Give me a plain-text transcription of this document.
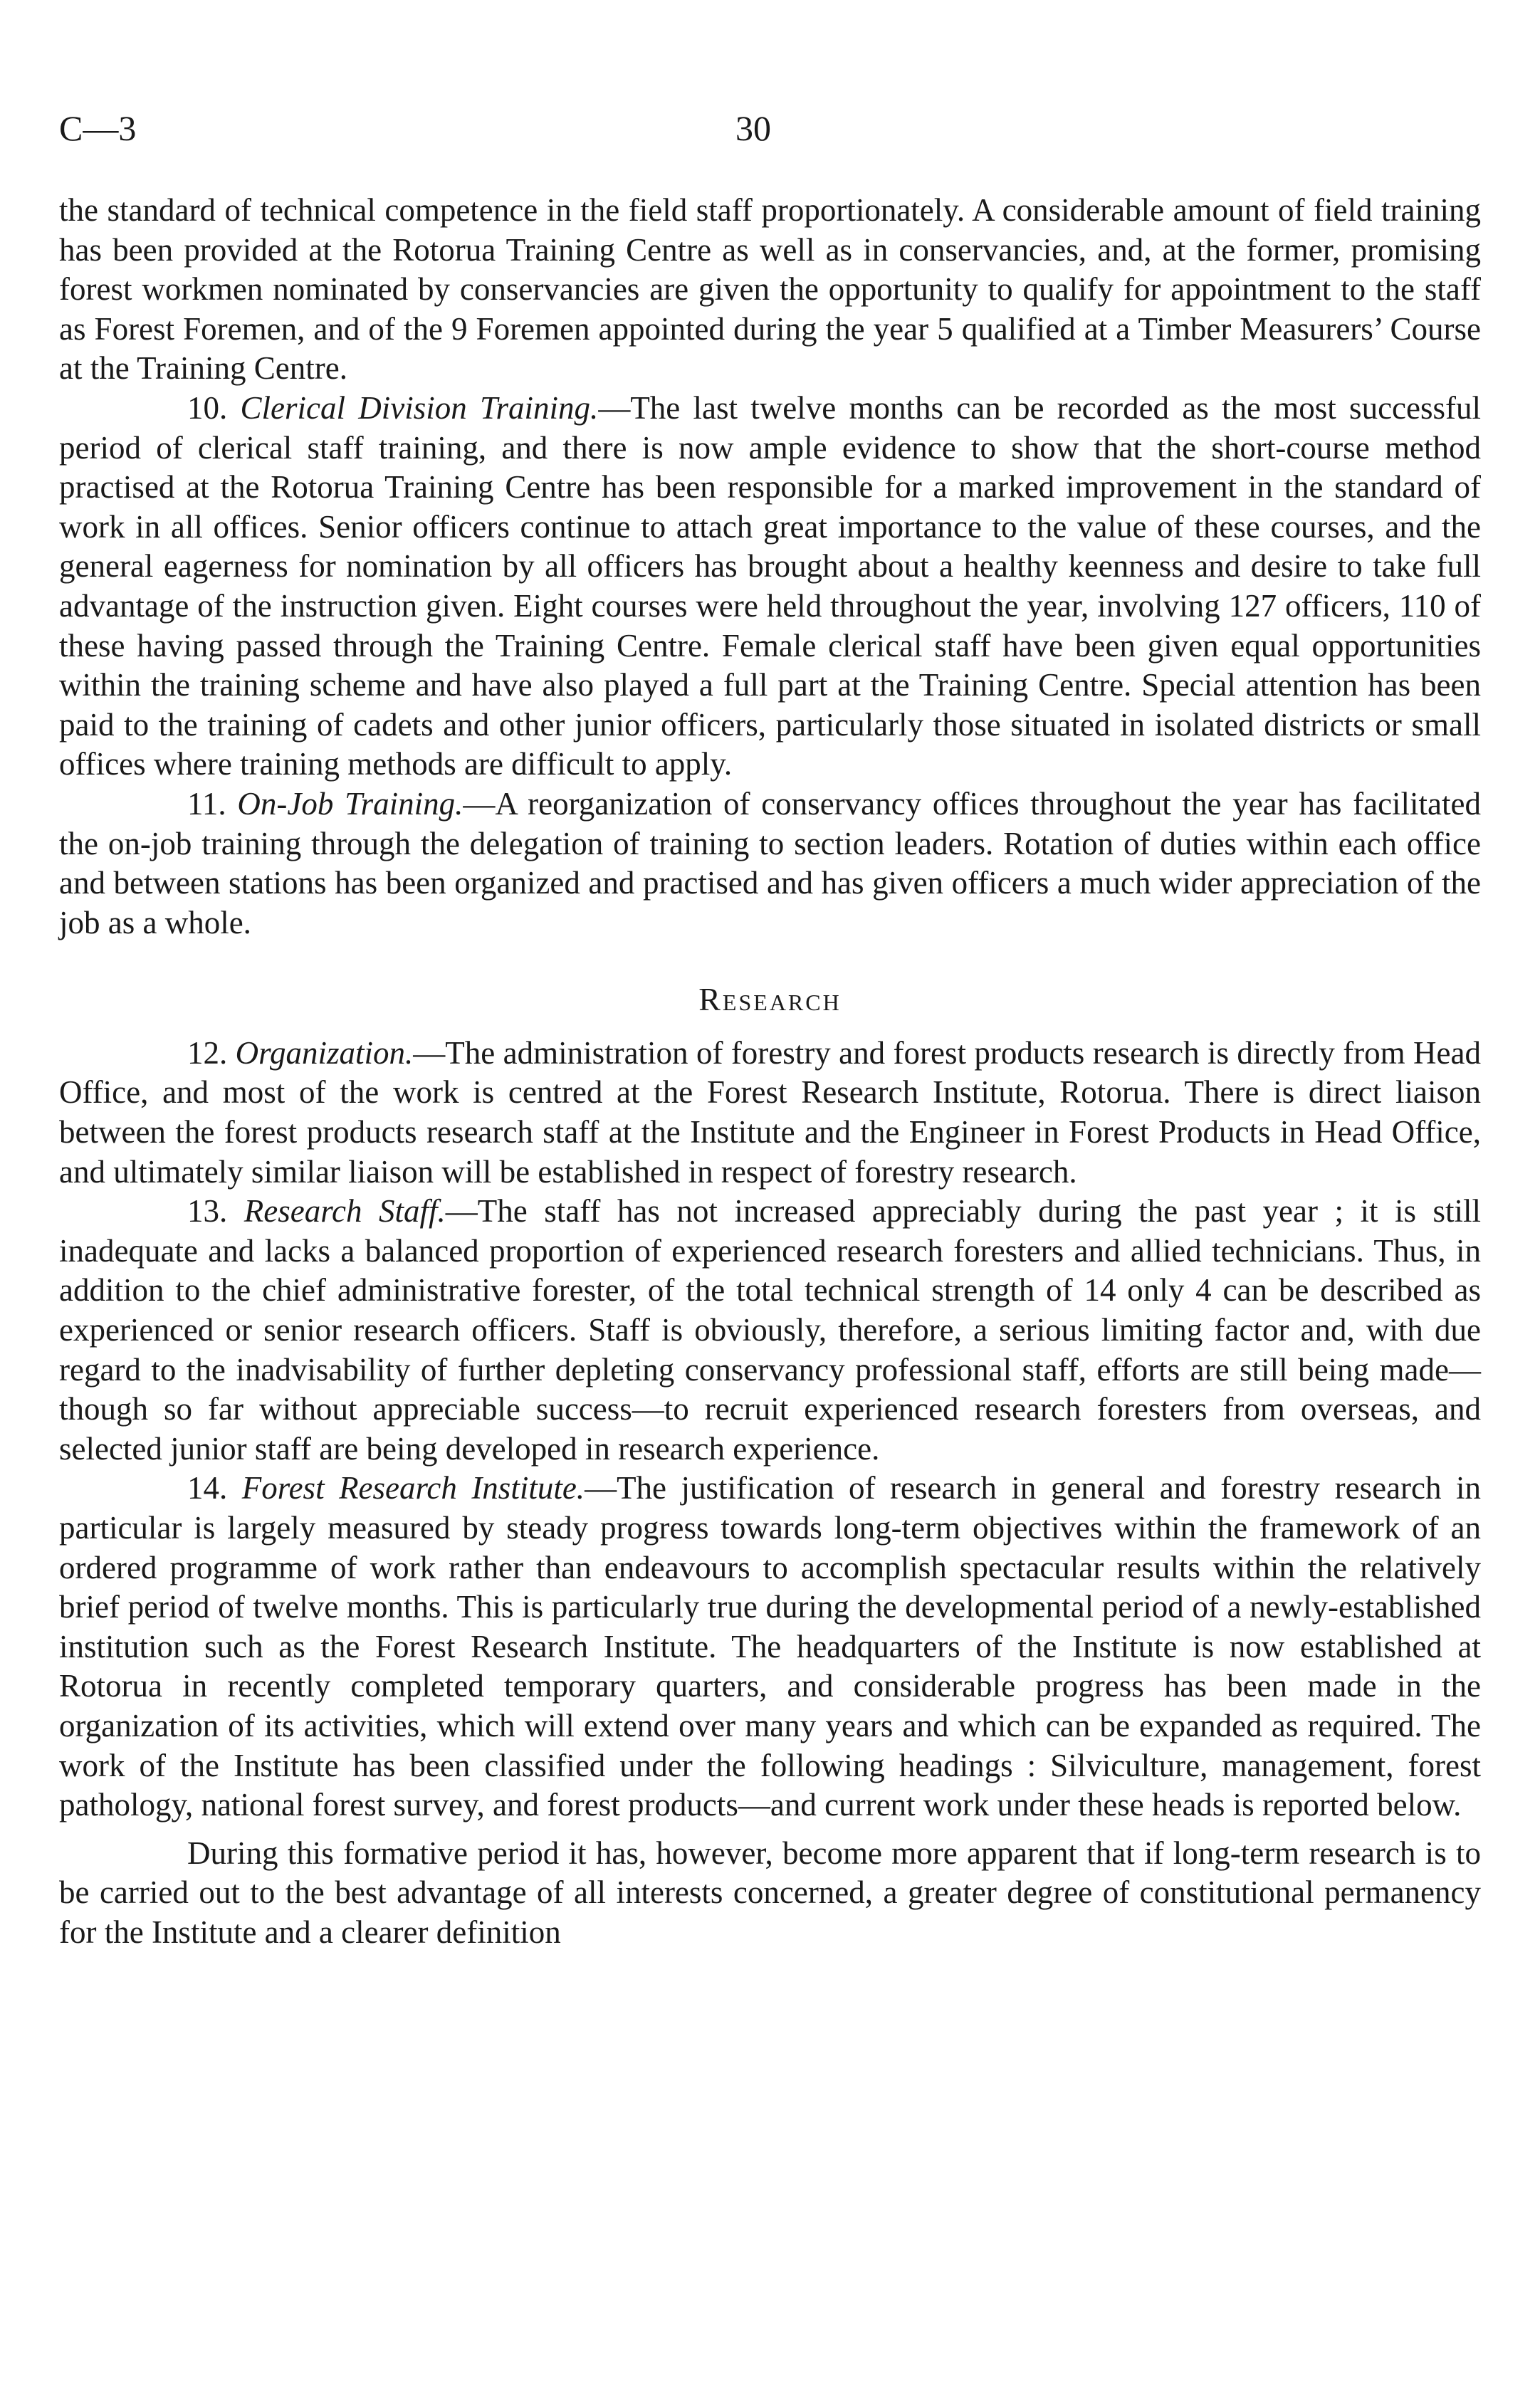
C—3	30

the standard of technical competence in the field staff proportionately. A considerable amount of field training has been provided at the Rotorua Training Centre as well as in conservancies, and, at the former, promising forest workmen nominated by conservancies are given the opportunity to qualify for appointment to the staff as Forest Foremen, and of the 9 Foremen appointed during the year 5 qualified at a Timber Measurers’ Course at the Training Centre.

10. Clerical Division Training.—The last twelve months can be recorded as the most successful period of clerical staff training, and there is now ample evidence to show that the short-course method practised at the Rotorua Training Centre has been responsible for a marked improvement in the standard of work in all offices. Senior officers continue to attach great importance to the value of these courses, and the general eagerness for nomination by all officers has brought about a healthy keenness and desire to take full advantage of the instruction given. Eight courses were held throughout the year, involving 127 officers, 110 of these having passed through the Training Centre. Female clerical staff have been given equal opportunities within the training scheme and have also played a full part at the Training Centre. Special attention has been paid to the training of cadets and other junior officers, particularly those situated in isolated districts or small offices where training methods are difficult to apply.

11. On-Job Training.—A reorganization of conservancy offices throughout the year has facilitated the on-job training through the delegation of training to section leaders. Rotation of duties within each office and between stations has been organized and practised and has given officers a much wider appreciation of the job as a whole.

Research

12. Organization.—The administration of forestry and forest products research is directly from Head Office, and most of the work is centred at the Forest Research Institute, Rotorua. There is direct liaison between the forest products research staff at the Institute and the Engineer in Forest Products in Head Office, and ultimately similar liaison will be established in respect of forestry research.

13. Research Staff.—The staff has not increased appreciably during the past year ; it is still inadequate and lacks a balanced proportion of experienced research foresters and allied technicians. Thus, in addition to the chief administrative forester, of the total technical strength of 14 only 4 can be described as experienced or senior research officers. Staff is obviously, therefore, a serious limiting factor and, with due regard to the inadvisability of further depleting conservancy professional staff, efforts are still being made—though so far without appreciable success—to recruit experienced research foresters from overseas, and selected junior staff are being developed in research experience.

14. Forest Research Institute.—The justification of research in general and forestry research in particular is largely measured by steady progress towards long-term objectives within the framework of an ordered programme of work rather than endeavours to accomplish spectacular results within the relatively brief period of twelve months. This is particularly true during the developmental period of a newly-established institution such as the Forest Research Institute. The headquarters of the Institute is now established at Rotorua in recently completed temporary quarters, and considerable progress has been made in the organization of its activities, which will extend over many years and which can be expanded as required. The work of the Institute has been classified under the following headings : Silviculture, management, forest pathology, national forest survey, and forest products—and current work under these heads is reported below.

During this formative period it has, however, become more apparent that if long-term research is to be carried out to the best advantage of all interests concerned, a greater degree of constitutional permanency for the Institute and a clearer definition
